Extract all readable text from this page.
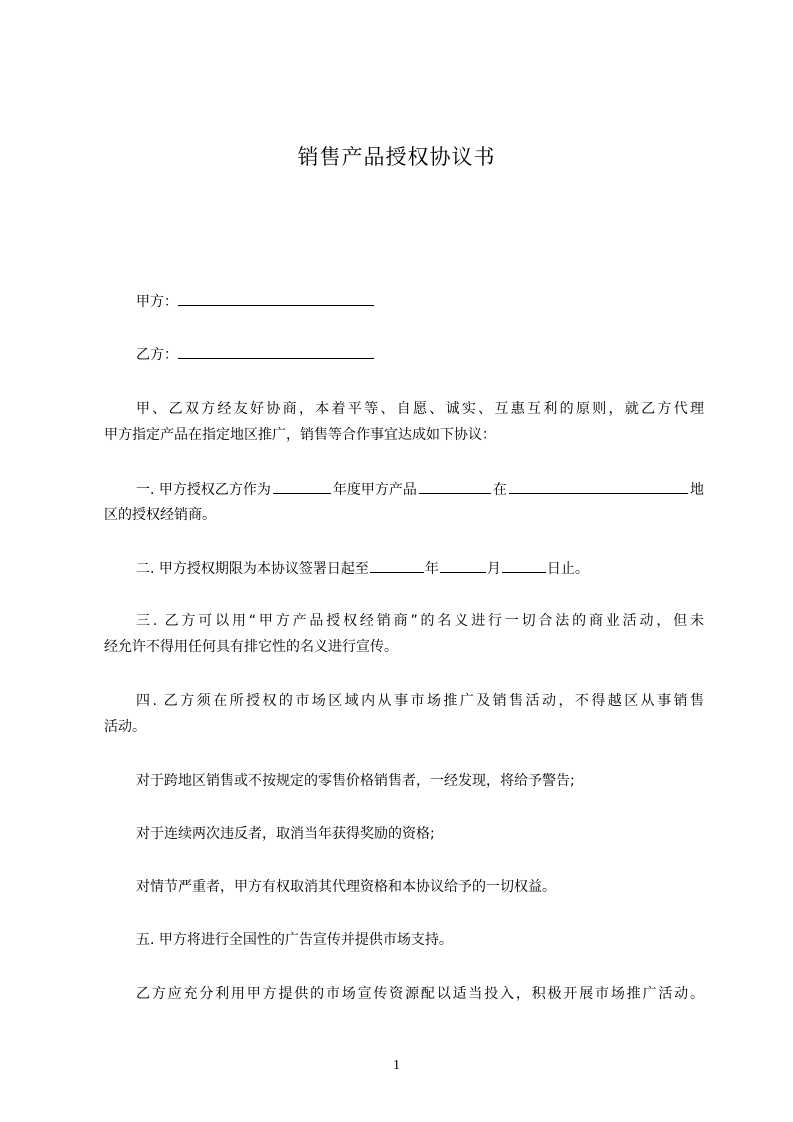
销售产品授权协议书
甲方：
乙方：
甲、乙双方经友好协商，本着平等、自愿、诚实、互惠互利的原则，就乙方代理
甲方指定产品在指定地区推广，销售等合作事宜达成如下协议：
一. 甲方授权乙方作为	年度甲方产品	在	地
区的授权经销商。
二. 甲方授权期限为本协议签署日起至	年	月	日止。
三. 乙方可以用“甲方产品授权经销商”的名义进行一切合法的商业活动，但未
经允许不得用任何具有排它性的名义进行宣传。
四. 乙方须在所授权的市场区域内从事市场推广及销售活动，不得越区从事销售
活动。
对于跨地区销售或不按规定的零售价格销售者，一经发现，将给予警告;
对于连续两次违反者，取消当年获得奖励的资格;
对情节严重者，甲方有权取消其代理资格和本协议给予的一切权益。
五. 甲方将进行全国性的广告宣传并提供市场支持。
乙方应充分利用甲方提供的市场宣传资源配以适当投入，积极开展市场推广活动。
1
